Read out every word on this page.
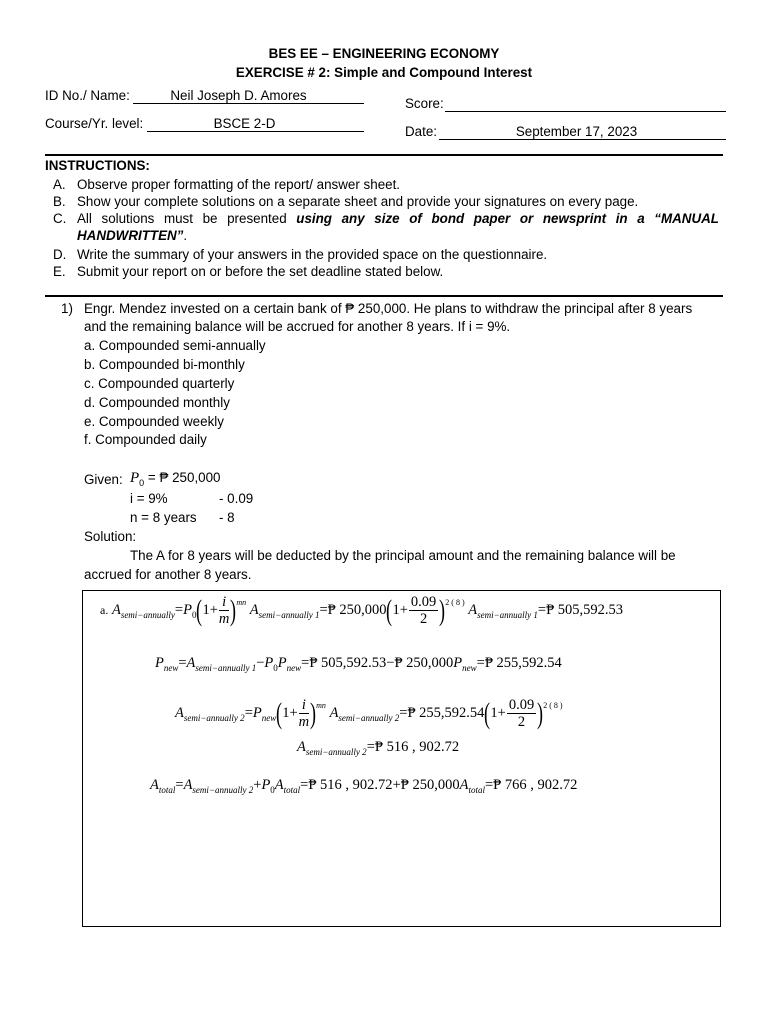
BES EE – ENGINEERING ECONOMY
EXERCISE # 2: Simple and Compound Interest
ID No./ Name:	Neil Joseph D. Amores
Score:
Course/Yr. level:	BSCE 2-D
Date:	September 17, 2023
INSTRUCTIONS:
A. Observe proper formatting of the report/ answer sheet.
B. Show your complete solutions on a separate sheet and provide your signatures on every page.
C. All solutions must be presented using any size of bond paper or newsprint in a “MANUAL
HANDWRITTEN”.
D. Write the summary of your answers in the provided space on the questionnaire.
E. Submit your report on or before the set deadline stated below.
1) Engr. Mendez invested on a certain bank of ₱ 250,000. He plans to withdraw the principal after 8 years
and the remaining balance will be accrued for another 8 years. If i = 9%.
a. Compounded semi-annually
b. Compounded bi-monthly
c. Compounded quarterly
d. Compounded monthly
e. Compounded weekly
f. Compounded daily
Given: $P_0$ = ₱ 250,000
i = 9%	- 0.09
n = 8 years - 8
Solution:
The A for 8 years will be deducted by the principal amount and the remaining balance will be
accrued for another 8 years.
a. $A_{semi-annually}=P_0(1+ \frac{i}{m} )^{mn}$ $A_{semi-annually 1}=₱$ $250,000(1+ \frac{0.09}{2} )^{2 ( 8 )}$ $A_{semi-annually 1}=₱$ 505,592.53
$P_{new}=A_{semi-annually 1}-P_0P_{new}=₱$ 505,592.53−₱ $250,000P_{new}=₱$ 255,592.54
$A_{semi-annually 2}=P_{new}(1+ \frac{i}{m} )^{mn}$ $A_{semi-annually 2}=₱$ $255,592.54(1+ \frac{0.09}{2} )^{2 ( 8 )}$
$A_{semi-annually 2}=₱$ 516 , 902.72
$A_{total}=A_{semi-annually 2}+P_0A_{total}=₱$ 516 , 902.72+₱ $250,000A_{total}=₱$ 766 , 902.72
